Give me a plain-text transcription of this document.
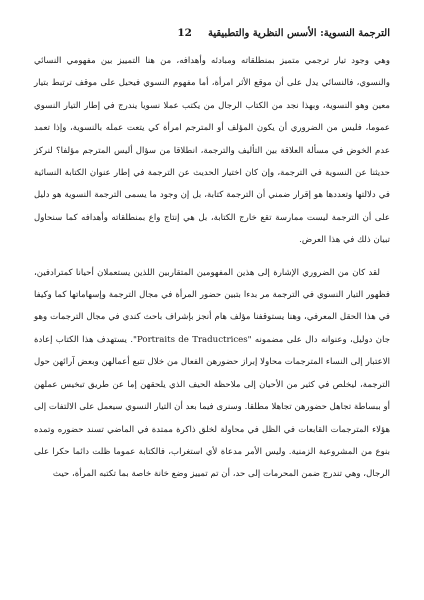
الترجمة النسوية: الأسس النظرية والتطبيقية
12

وهي وجود تيار ترجمي متميز بمنطلقاته ومبادئه وأهدافه، من هنا التمييز بين مفهومي النسائي والنسوي، فالنسائي يدل على أن موقع الأثر امرأة، أما مفهوم النسوي فيحيل على موقف ترتبط بتيار معين وهو النسوية، وبهذا نجد من الكتاب الرجال من يكتب عملا نسويا يندرج في إطار التيار النسوي عموما، فليس من الضروري أن يكون المؤلف أو المترجم امرأة كي يتعت عمله بالنسوية، وإذا تعمد عدم الخوض في مسألة العلاقة بين التأليف والترجمة، انطلاقا من سؤال أليس المترجم مؤلفا؟ لنركز حديثنا عن النسوية في الترجمة، وإن كان اختيار الحديث عن الترجمة في إطار عنوان الكتابة النسائية في دلالتها وتعددها هو إقرار ضمني أن الترجمة كتابة، بل إن وجود ما يسمى الترجمة النسوية هو دليل على أن الترجمة ليست ممارسة تقع خارج الكتابة، بل هي إنتاج واع بمنطلقاته وأهدافه كما سنحاول تبيان ذلك في هذا العرض.

لقد كان من الضروري الإشارة إلى هذين المفهومين المتقاربين اللذين يستعملان أحيانا كمترادفين، فظهور التيار النسوي في الترجمة مر بدءا بتبين حضور المرأة في مجال الترجمة وإسهاماتها كما وكيفا في هذا الحقل المعرفي، وهنا يستوقفنا مؤلف هام أنجز بإشراف باحث كندي في مجال الترجمات وهو جان دوليل، وعنوانه دال على مضمونه "Portraits de Traductrices". يستهدف هذا الكتاب إعادة الاعتبار إلى النساء المترجمات محاولا إبراز حضورهن الفعال من خلال تتبع أعمالهن وبعض آرائهن حول الترجمة، ليخلص في كثير من الأحيان إلى ملاحظة الحيف الذي يلحقهن إما عن طريق تبخيس عملهن أو ببساطة تجاهل حضورهن تجاهلا مطلقا. وسنرى فيما بعد أن التيار النسوي سيعمل على الالتفات إلى هؤلاء المترجمات القابعات في الظل في محاولة لخلق ذاكرة ممتدة في الماضي تسند حضوره وتمده بنوع من المشروعية الزمنية. وليس الأمر مدعاة لأي استغراب، فالكتابة عموما ظلت دائما حكرا على الرجال، وهي تندرج ضمن المحرمات إلى حد، أن تم تمييز وضع خانة خاصة بما تكتبه المرأة، حيث
